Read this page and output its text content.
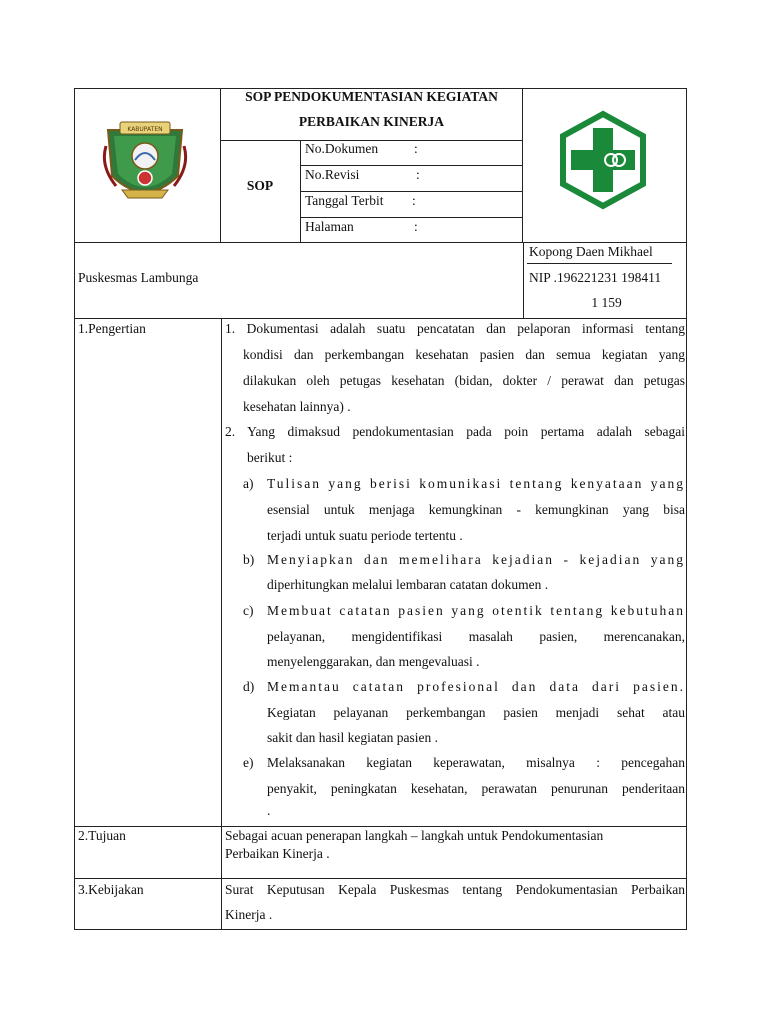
KABUPATEN
SOP PENDOKUMENTASIAN KEGIATAN
PERBAIKAN KINERJA
SOP
No.Dokumen	:
No.Revisi	:
Tanggal Terbit :
Halaman	:
Puskesmas Lambunga
Kopong Daen Mikhael
NIP .196221231 198411
1 159
1.Pengertian	1. Dokumentasi adalah suatu pencatatan dan pelaporan informasi tentang
kondisi dan perkembangan kesehatan pasien dan semua kegiatan yang
dilakukan oleh petugas kesehatan (bidan, dokter / perawat dan petugas
kesehatan lainnya) .
2. Yang dimaksud pendokumentasian pada poin pertama adalah sebagai
berikut :
a) Tulisan yang berisi komunikasi tentang kenyataan yang
esensial untuk menjaga kemungkinan - kemungkinan yang bisa
terjadi untuk suatu periode tertentu .
b) Menyiapkan dan memelihara kejadian - kejadian yang
diperhitungkan melalui lembaran catatan dokumen .
c) Membuat catatan pasien yang otentik tentang kebutuhan
pelayanan, mengidentifikasi masalah pasien, merencanakan,
menyelenggarakan, dan mengevaluasi .
d) Memantau catatan profesional dan data dari pasien.
Kegiatan pelayanan perkembangan pasien menjadi sehat atau
sakit dan hasil kegiatan pasien .
e) Melaksanakan kegiatan keperawatan, misalnya : pencegahan
penyakit, peningkatan kesehatan, perawatan penurunan penderitaan
.
2.Tujuan	Sebagai acuan penerapan langkah – langkah untuk Pendokumentasian
Perbaikan Kinerja .
3.Kebijakan	Surat Keputusan Kepala Puskesmas tentang Pendokumentasian Perbaikan
Kinerja .
